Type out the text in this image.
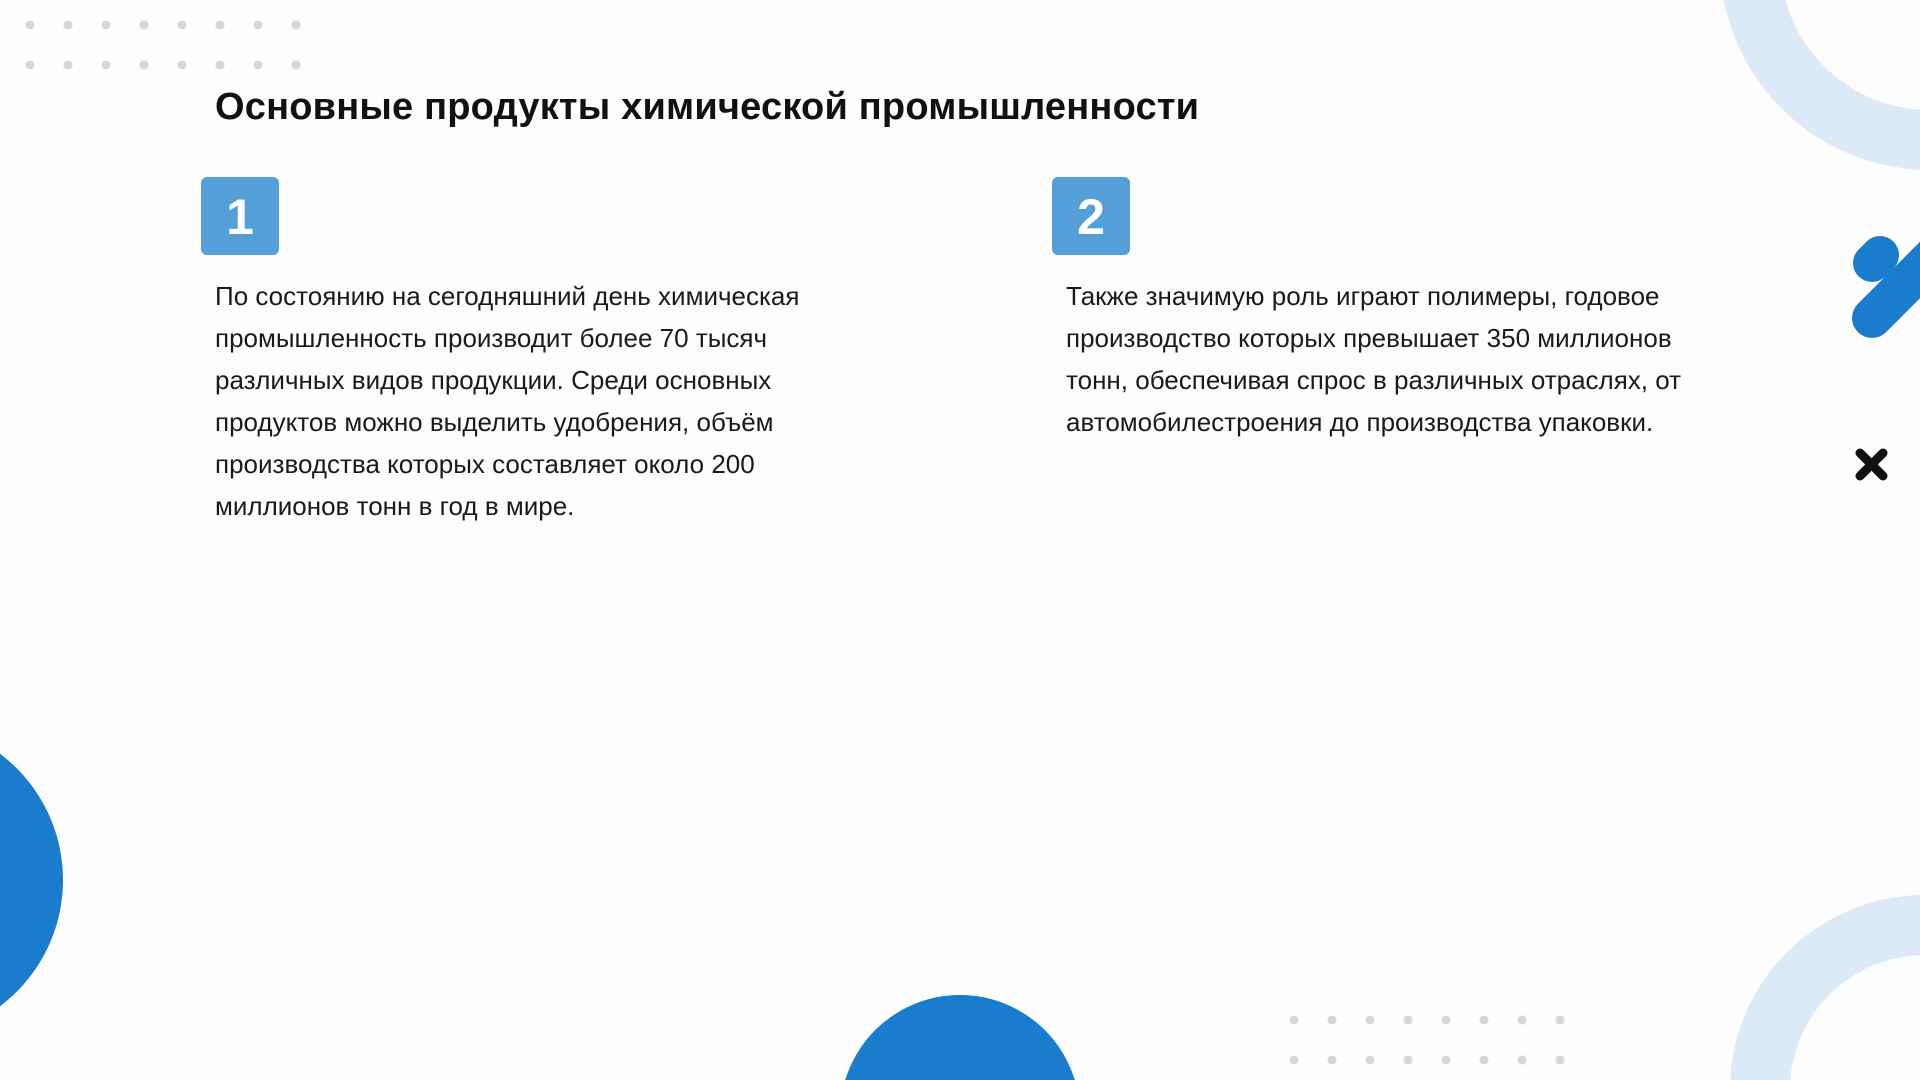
Основные продукты химической промышленности
1

По состоянию на сегодняшний день химическая промышленность производит более 70 тысяч различных видов продукции. Среди основных продуктов можно выделить удобрения, объём производства которых составляет около 200 миллионов тонн в год в мире.

2

Также значимую роль играют полимеры, годовое производство которых превышает 350 миллионов тонн, обеспечивая спрос в различных отраслях, от автомобилестроения до производства упаковки.
